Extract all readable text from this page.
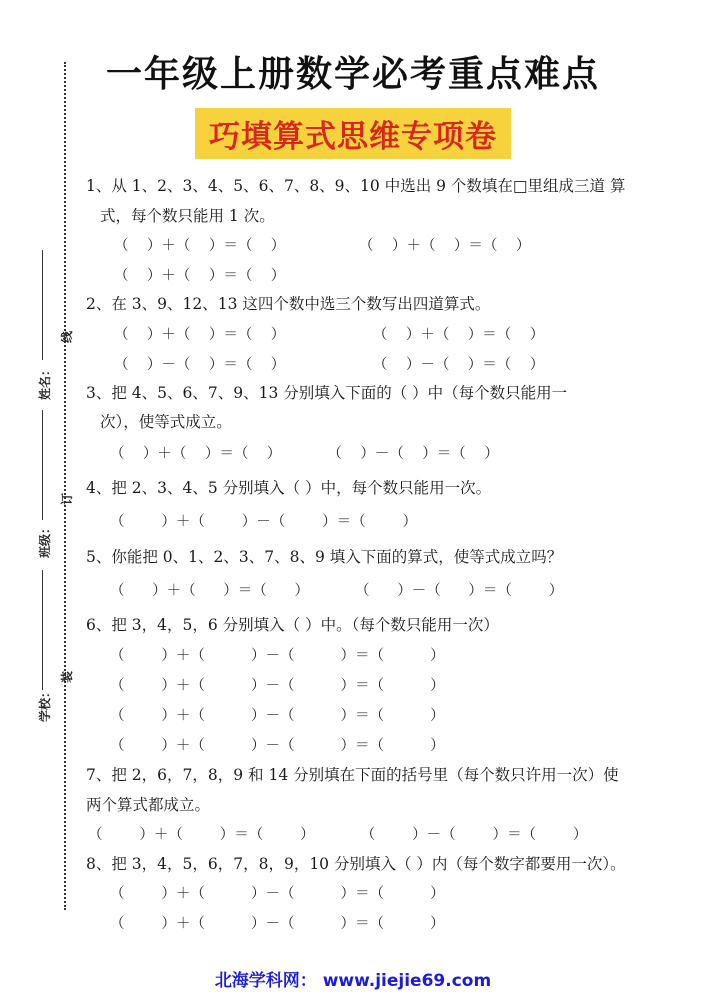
一年级上册数学必考重点难点
巧填算式思维专项卷
姓名：
班级：
学校：
线
订
装
1、从 1、2、3、4、5、6、7、8、9、10 中选出 9 个数填在□里组成三道 算
式，每个数只能用 1 次。
（    ）＋（    ）＝（    ）                （    ）＋（    ）＝（    ）
（    ）＋（    ）＝（    ）
2、在 3、9、12、13 这四个数中选三个数写出四道算式。
（    ）＋（    ）＝（    ）                   （    ）＋（    ）＝（    ）
（    ）－（    ）＝（    ）                   （    ）－（    ）＝（    ）
3、把 4、5、6、7、9、13 分别填入下面的（ ）中（每个数只能用一
次），使等式成立。
（    ）＋（    ）＝（    ）          （    ）－（    ）＝（    ）
4、把 2、3、4、5 分别填入（ ）中，每个数只能用一次。
（        ）＋（        ）－（        ）＝（        ）
5、你能把 0、1、2、3、7、8、9 填入下面的算式，使等式成立吗？
（      ）＋（      ）＝（      ）          （      ）－（      ）＝（        ）
6、把 3，4，5，6 分别填入（ ）中。（每个数只能用一次）
（        ）＋（          ）－（          ）＝（          ）
（        ）＋（          ）－（          ）＝（          ）
（        ）＋（          ）－（          ）＝（          ）
（        ）＋（          ）－（          ）＝（          ）
7、把 2，6，7，8，9 和 14 分别填在下面的括号里（每个数只许用一次）使
两个算式都成立。
（        ）＋（        ）＝（        ）          （        ）－（        ）＝（        ）
8、把 3，4，5，6，7，8，9，10 分别填入（ ）内（每个数字都要用一次）。
（        ）＋（          ）－（          ）＝（          ）
（        ）＋（          ）－（          ）＝（          ）
北海学科网： www.jiejie69.com
